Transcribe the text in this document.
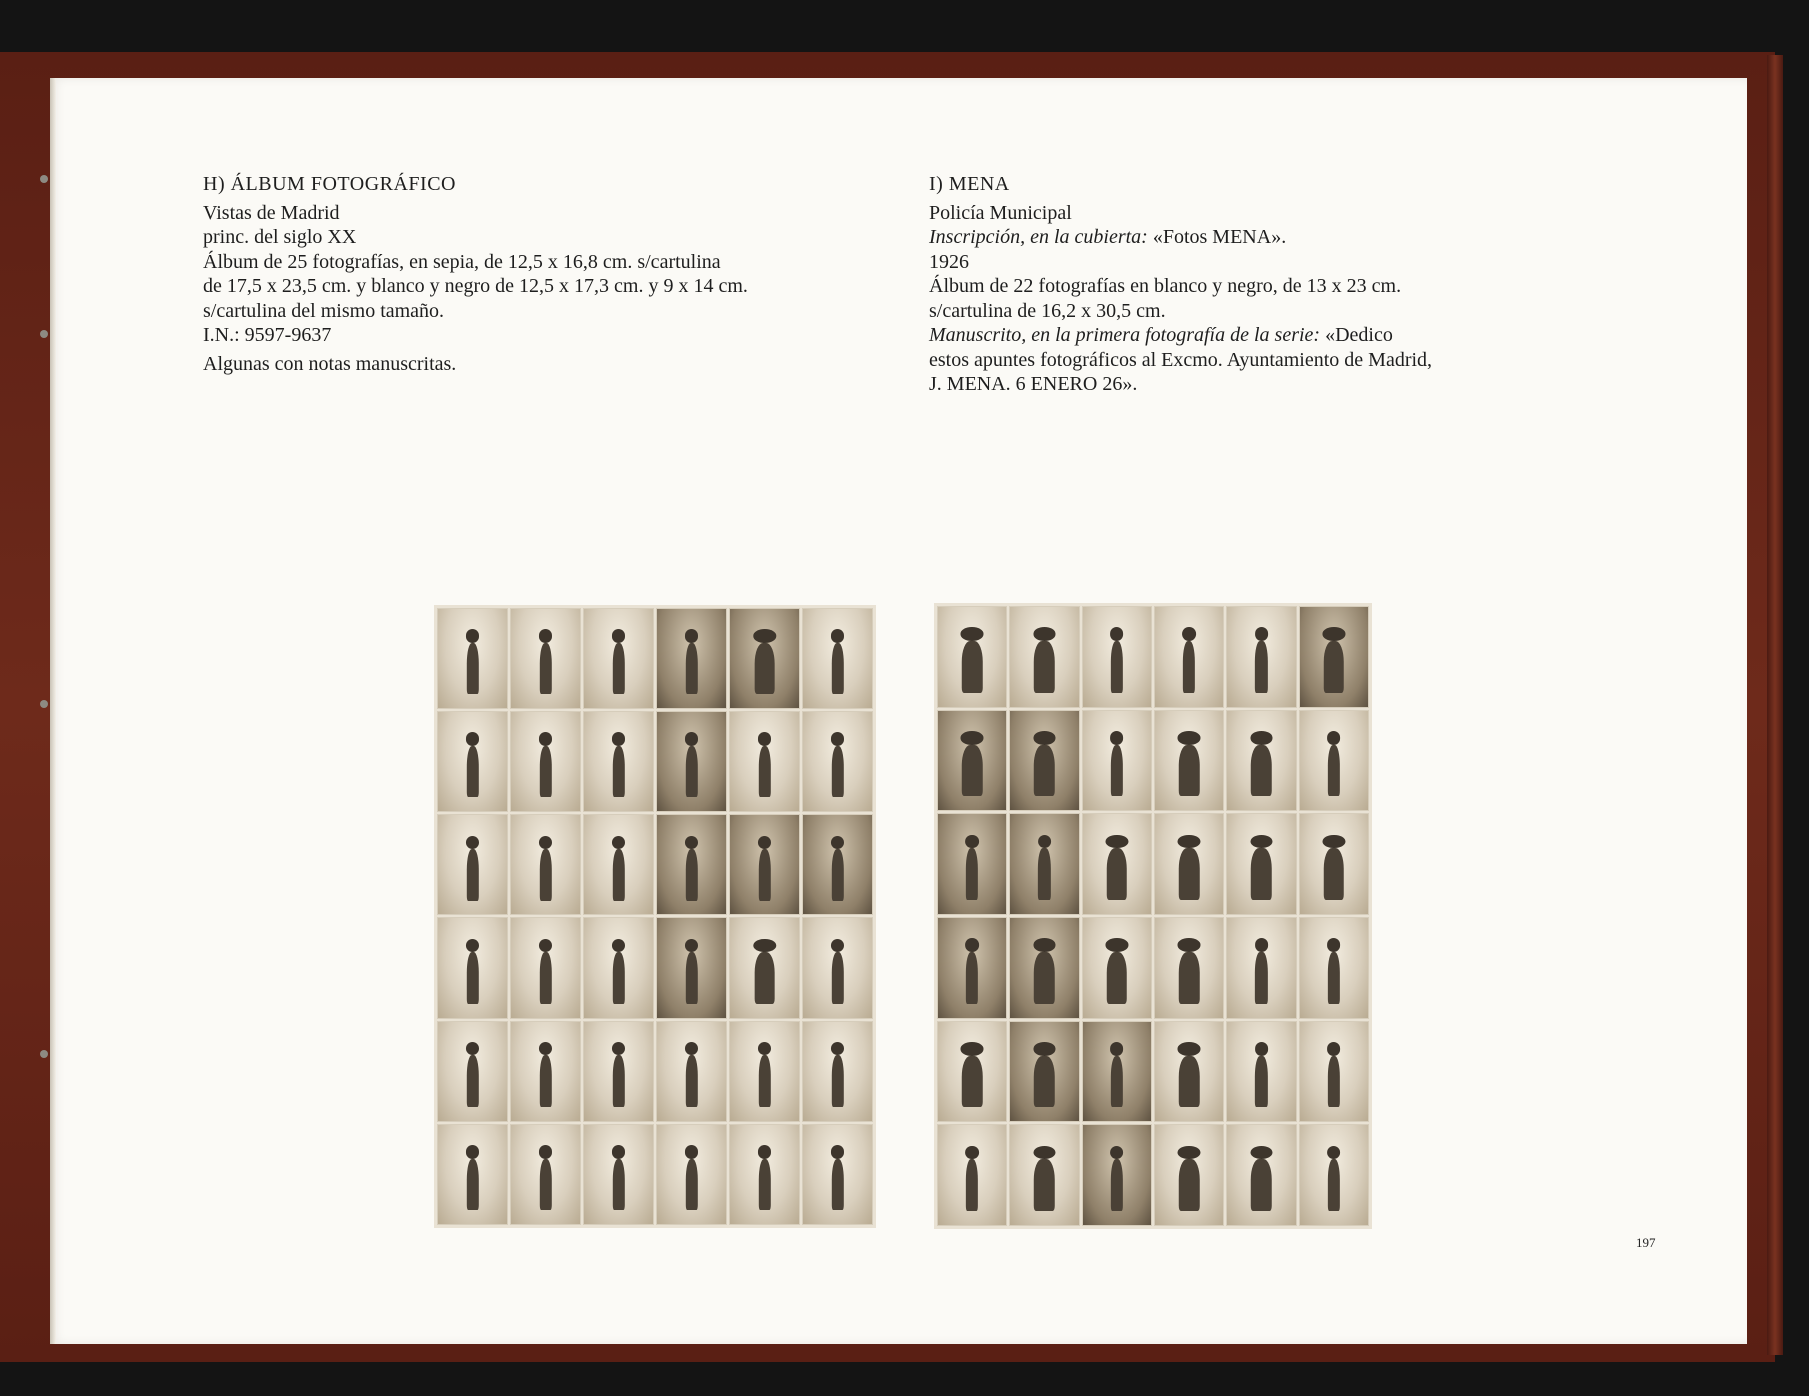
H) ÁLBUM FOTOGRÁFICO
Vistas de Madrid
princ. del siglo XX
Álbum de 25 fotografías, en sepia, de 12,5 x 16,8 cm. s/cartulina
de 17,5 x 23,5 cm. y blanco y negro de 12,5 x 17,3 cm. y 9 x 14 cm.
s/cartulina del mismo tamaño.
I.N.: 9597-9637
Algunas con notas manuscritas.
I) MENA
Policía Municipal
Inscripción, en la cubierta: «Fotos MENA».
1926
Álbum de 22 fotografías en blanco y negro, de 13 x 23 cm.
s/cartulina de 16,2 x 30,5 cm.
Manuscrito, en la primera fotografía de la serie: «Dedico
estos apuntes fotográficos al Excmo. Ayuntamiento de Madrid,
J. MENA. 6 ENERO 26».
197
